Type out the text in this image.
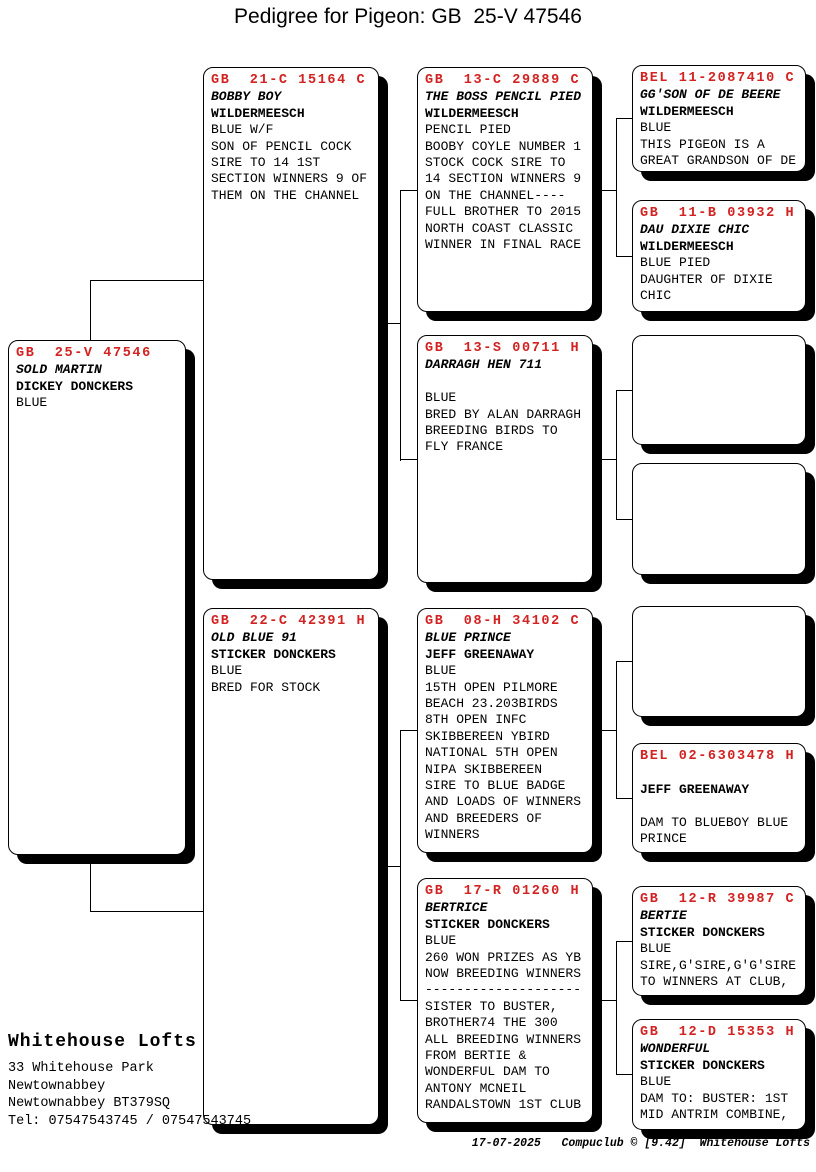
Pedigree for Pigeon: GB  25-V 47546
GB  25-V 47546
SOLD MARTIN
DICKEY DONCKERS
BLUE
GB  21-C 15164 C
BOBBY BOY
WILDERMEESCH
BLUE W/F
SON OF PENCIL COCK
SIRE TO 14 1ST
SECTION WINNERS 9 OF
THEM ON THE CHANNEL
GB  22-C 42391 H
OLD BLUE 91
STICKER DONCKERS
BLUE
BRED FOR STOCK
GB  13-C 29889 C
THE BOSS PENCIL PIED
WILDERMEESCH
PENCIL PIED
BOOBY COYLE NUMBER 1
STOCK COCK SIRE TO
14 SECTION WINNERS 9
ON THE CHANNEL----
FULL BROTHER TO 2015
NORTH COAST CLASSIC
WINNER IN FINAL RACE
GB  13-S 00711 H
DARRAGH HEN 711

BLUE
BRED BY ALAN DARRAGH
BREEDING BIRDS TO
FLY FRANCE
GB  08-H 34102 C
BLUE PRINCE
JEFF GREENAWAY
BLUE
15TH OPEN PILMORE
BEACH 23.203BIRDS
8TH OPEN INFC
SKIBBEREEN YBIRD
NATIONAL 5TH OPEN
NIPA SKIBBEREEN
SIRE TO BLUE BADGE
AND LOADS OF WINNERS
AND BREEDERS OF
WINNERS
GB  17-R 01260 H
BERTRICE
STICKER DONCKERS
BLUE
260 WON PRIZES AS YB
NOW BREEDING WINNERS
--------------------
SISTER TO BUSTER,
BROTHER74 THE 300
ALL BREEDING WINNERS
FROM BERTIE &
WONDERFUL DAM TO
ANTONY MCNEIL
RANDALSTOWN 1ST CLUB
BEL 11-2087410 C
GG'SON OF DE BEERE
WILDERMEESCH
BLUE
THIS PIGEON IS A
GREAT GRANDSON OF DE
GB  11-B 03932 H
DAU DIXIE CHIC
WILDERMEESCH
BLUE PIED
DAUGHTER OF DIXIE
CHIC
BEL 02-6303478 H

JEFF GREENAWAY

DAM TO BLUEBOY BLUE
PRINCE
GB  12-R 39987 C
BERTIE
STICKER DONCKERS
BLUE
SIRE,G'SIRE,G'G'SIRE
TO WINNERS AT CLUB,
GB  12-D 15353 H
WONDERFUL
STICKER DONCKERS
BLUE
DAM TO: BUSTER: 1ST
MID ANTRIM COMBINE,
Whitehouse Lofts
33 Whitehouse Park
Newtownabbey
Newtownabbey BT379SQ
Tel: 07547543745 / 07547543745
17-07-2025 Compuclub © [9.42] Whitehouse Lofts
